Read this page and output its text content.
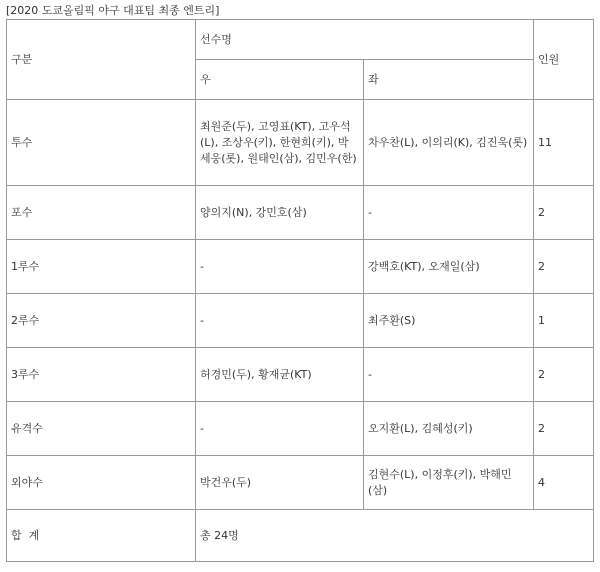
[2020 도쿄올림픽 야구 대표팀 최종 엔트리]
구분	선수명		인원
	우	좌	
투수	최원준(두), 고영표(KT), 고우석(L), 조상우(키), 한현희(키), 박세웅(롯), 원태인(삼), 김민우(한)	차우찬(L), 이의리(K), 김진욱(롯)	11
포수	양의지(N), 강민호(삼)	-	2
1루수	-	강백호(KT), 오재일(삼)	2
2루수	-	최주환(S)	1
3루수	허경민(두), 황재균(KT)	-	2
유격수	-	오지환(L), 김혜성(키)	2
외야수	박건우(두)	김현수(L), 이정후(키), 박해민(삼)	4
합  계	총 24명		
